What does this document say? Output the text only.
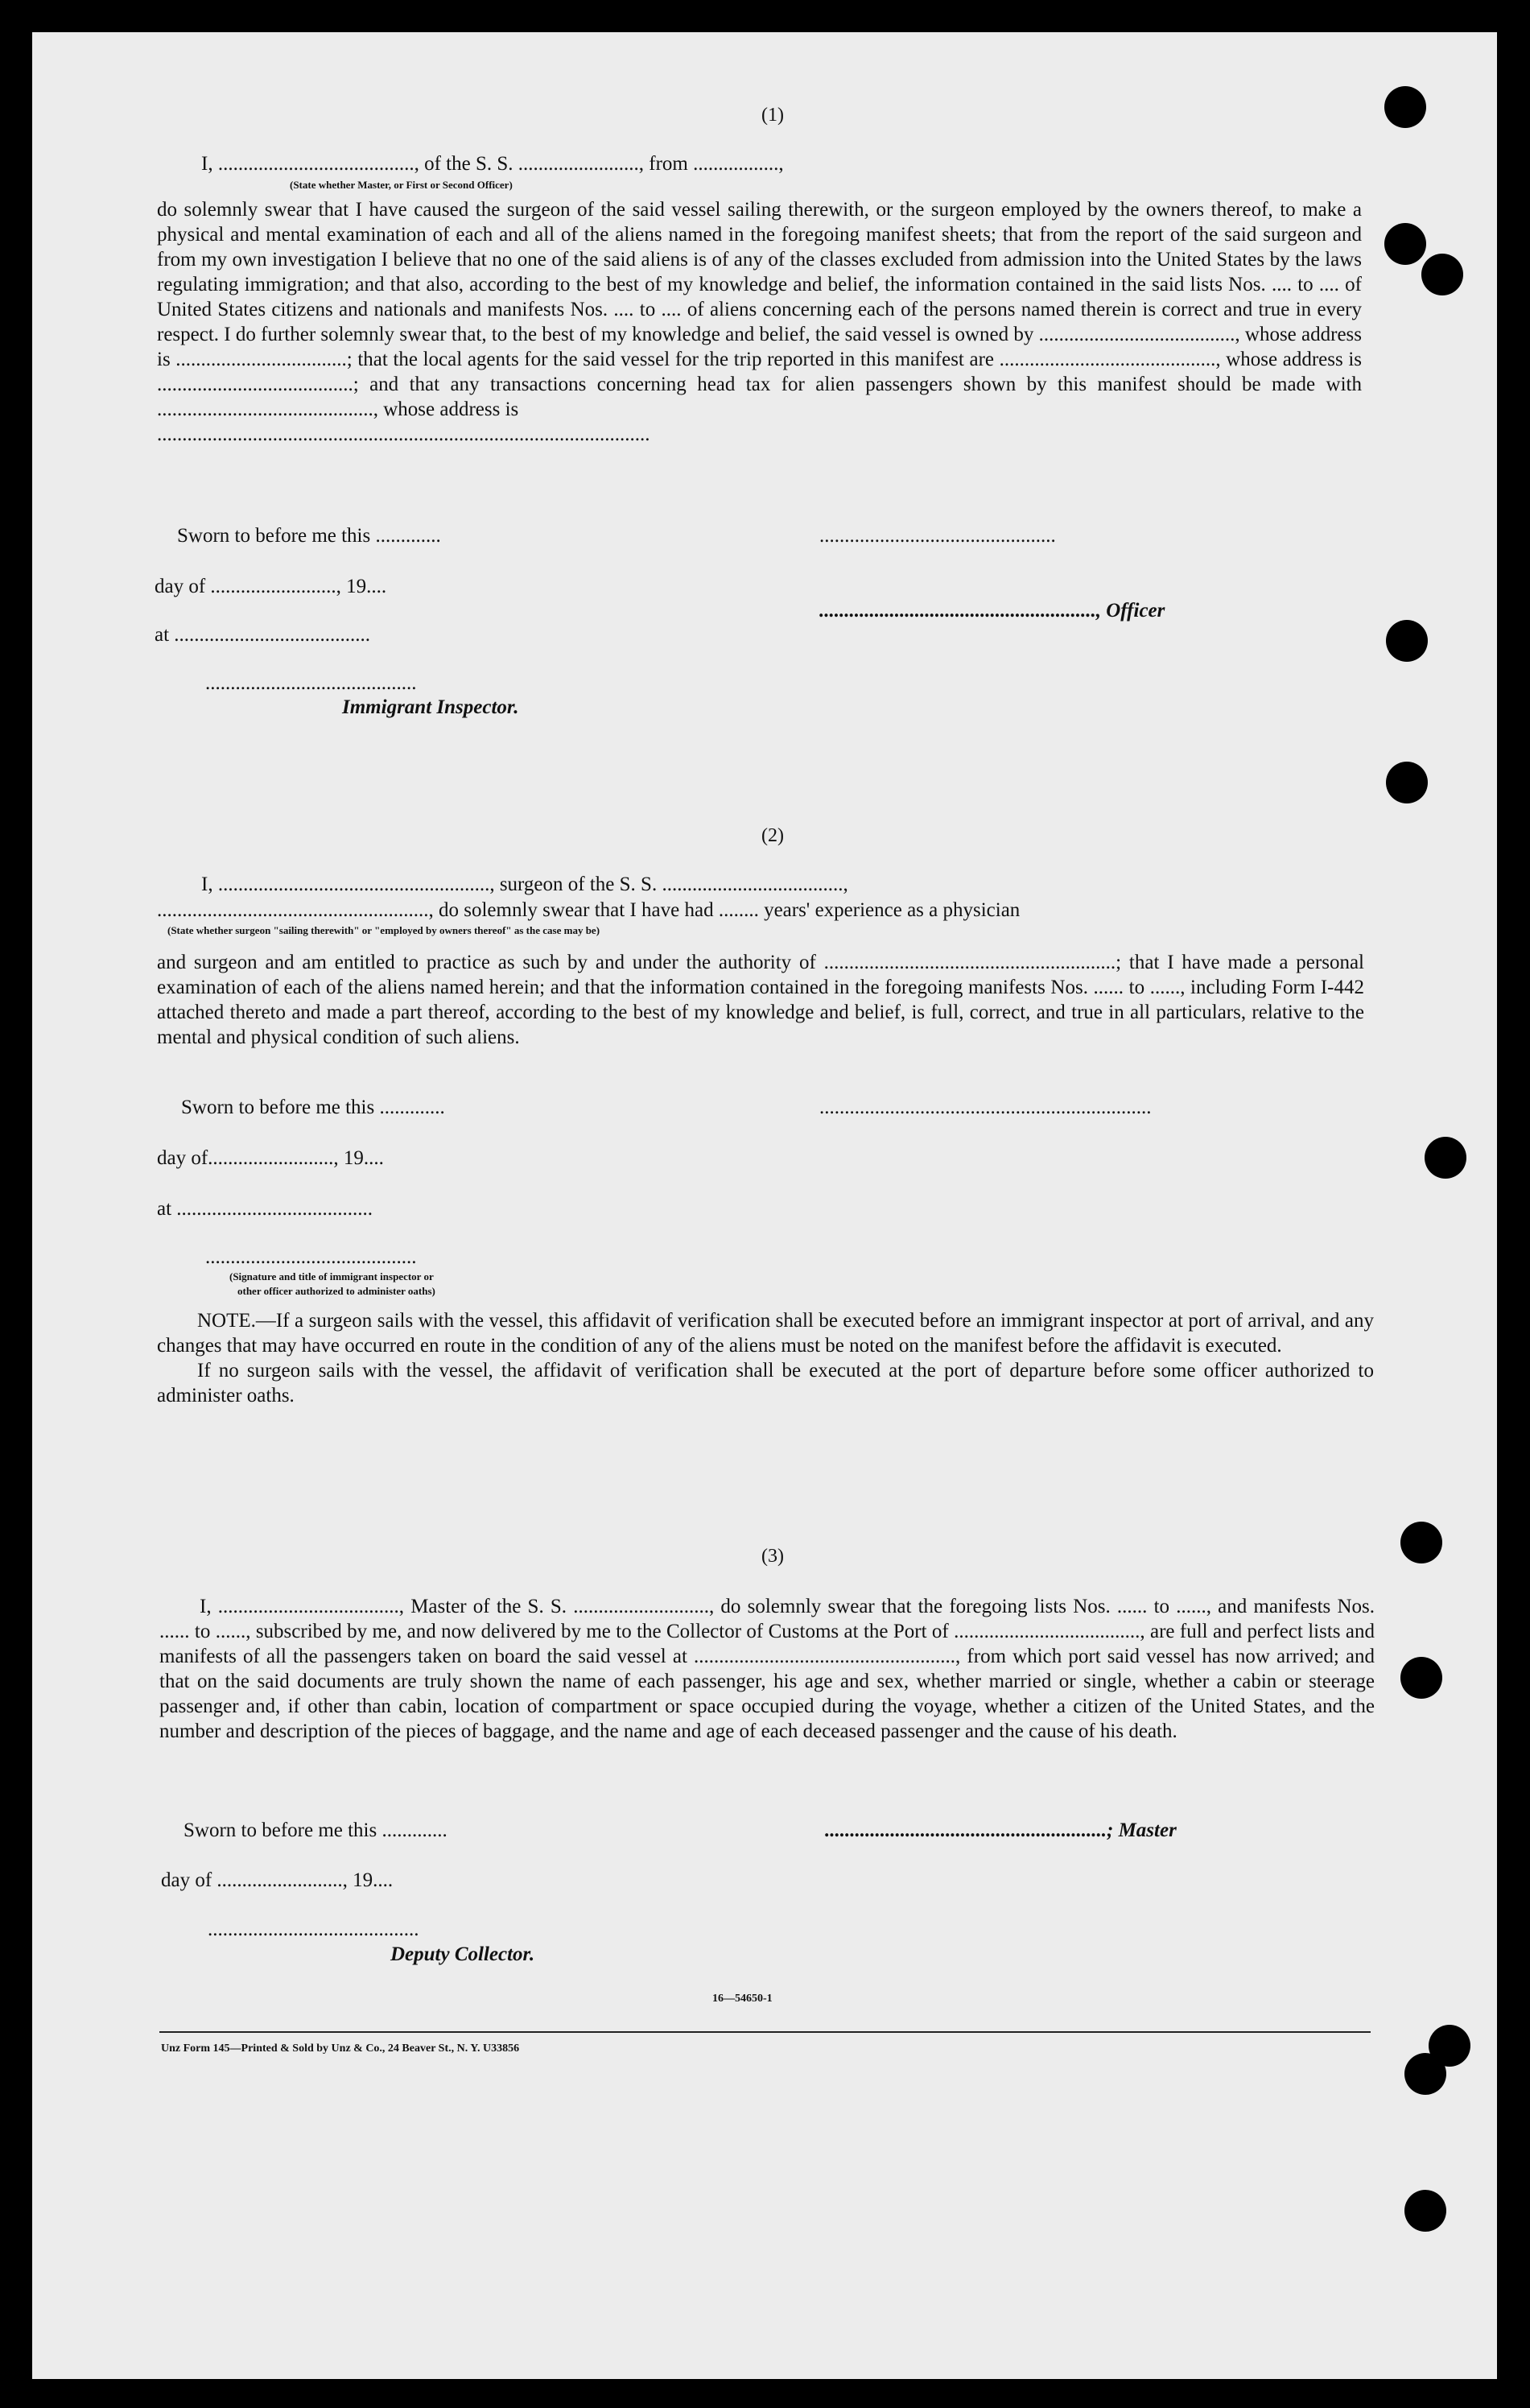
(1)
I, ......................................., of the S. S. ........................, from .................,
(State whether Master, or First or Second Officer)

do solemnly swear that I have caused the surgeon of the said vessel sailing therewith, or the surgeon employed by the owners thereof, to make a physical and mental examination of each and all of the aliens named in the foregoing manifest sheets; that from the report of the said surgeon and from my own investigation I believe that no one of the said aliens is of any of the classes excluded from admission into the United States by the laws regulating immigration; and that also, according to the best of my knowledge and belief, the information contained in the said lists Nos. .... to .... of United States citizens and nationals and manifests Nos. .... to .... of aliens concerning each of the persons named therein is correct and true in every respect. I do further solemnly swear that, to the best of my knowledge and belief, the said vessel is owned by ......................................., whose address is ..................................; that the local agents for the said vessel for the trip reported in this manifest are ..........................................., whose address is .......................................; and that any transactions concerning head tax for alien passengers shown by this manifest should be made with ..........................................., whose address is

..................................................................................................

Sworn to before me this .............	...............................................
day of ........................., 19....
......................................................., Officer
at .......................................
..........................................
Immigrant Inspector.
(2)
I, ......................................................, surgeon of the S. S. ....................................,
......................................................, do solemnly swear that I have had ........ years' experience as a physician
(State whether surgeon "sailing therewith" or "employed by owners thereof" as the case may be)

and surgeon and am entitled to practice as such by and under the authority of ..........................................................; that I have made a personal examination of each of the aliens named herein; and that the information contained in the foregoing manifests Nos. ...... to ......, including Form I-442 attached thereto and made a part thereof, according to the best of my knowledge and belief, is full, correct, and true in all particulars, relative to the mental and physical condition of such aliens.

Sworn to before me this .............	..................................................................
day of........................., 19....
at .......................................
..........................................
(Signature and title of immigrant inspector or
other officer authorized to administer oaths)

NOTE.—If a surgeon sails with the vessel, this affidavit of verification shall be executed before an immigrant inspector at port of arrival, and any changes that may have occurred en route in the condition of any of the aliens must be noted on the manifest before the affidavit is executed.

If no surgeon sails with the vessel, the affidavit of verification shall be executed at the port of departure before some officer authorized to administer oaths.

(3)

I, ...................................., Master of the S. S. ..........................., do solemnly swear that the foregoing lists Nos. ...... to ......, and manifests Nos. ...... to ......, subscribed by me, and now delivered by me to the Collector of Customs at the Port of ....................................., are full and perfect lists and manifests of all the passengers taken on board the said vessel at ...................................................., from which port said vessel has now arrived; and that on the said documents are truly shown the name of each passenger, his age and sex, whether married or single, whether a cabin or steerage passenger and, if other than cabin, location of compartment or space occupied during the voyage, whether a citizen of the United States, and the number and description of the pieces of baggage, and the name and age of each deceased passenger and the cause of his death.

Sworn to before me this .............	........................................................; Master
day of ........................., 19....
..........................................
Deputy Collector.
16—54650-1
Unz Form 145—Printed & Sold by Unz & Co., 24 Beaver St., N. Y. U33856
